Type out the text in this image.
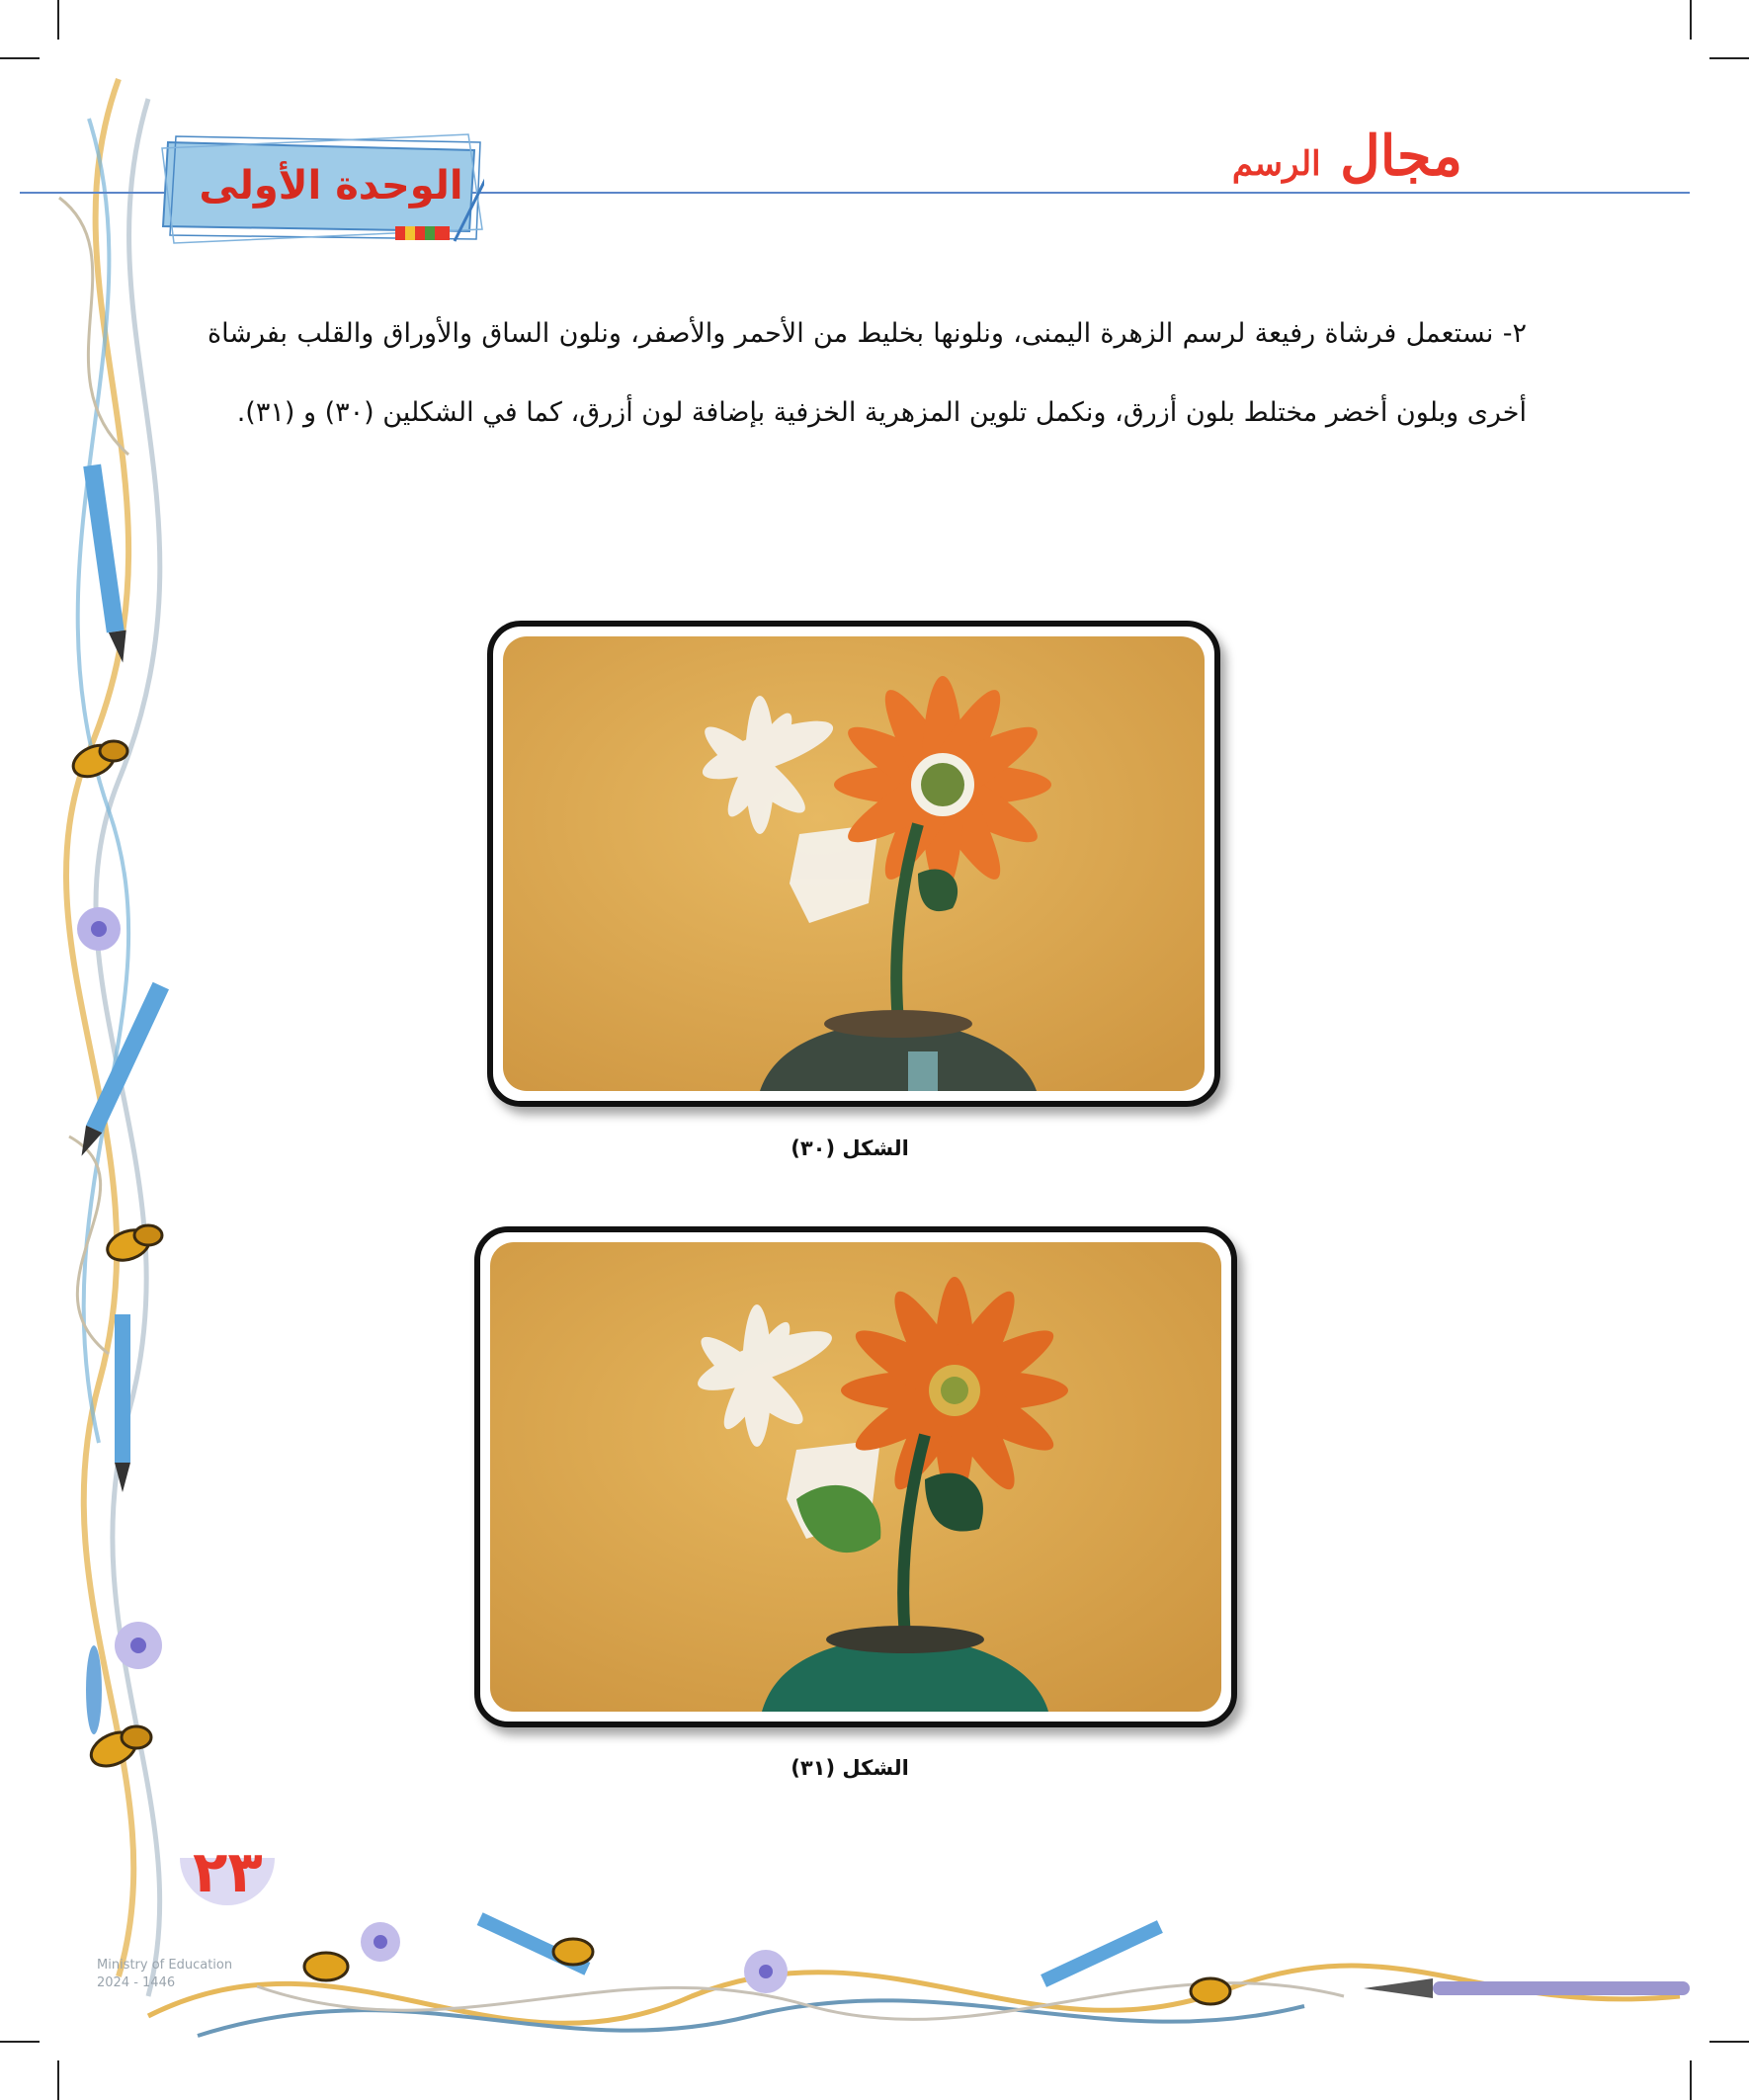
الوحدة الأولى	مجال الرسم

٢- نستعمل فرشاة رفيعة لرسم الزهرة اليمنى، ونلونها بخليط من الأحمر والأصفر، ونلون الساق والأوراق والقلب بفرشاة أخرى وبلون أخضر مختلط بلون أزرق، ونكمل تلوين المزهرية الخزفية بإضافة لون أزرق، كما في الشكلين (٣٠) و (٣١).

الشكل (٣٠)
الشكل (٣١)
٢٣
Ministry of Education
2024 - 1446
